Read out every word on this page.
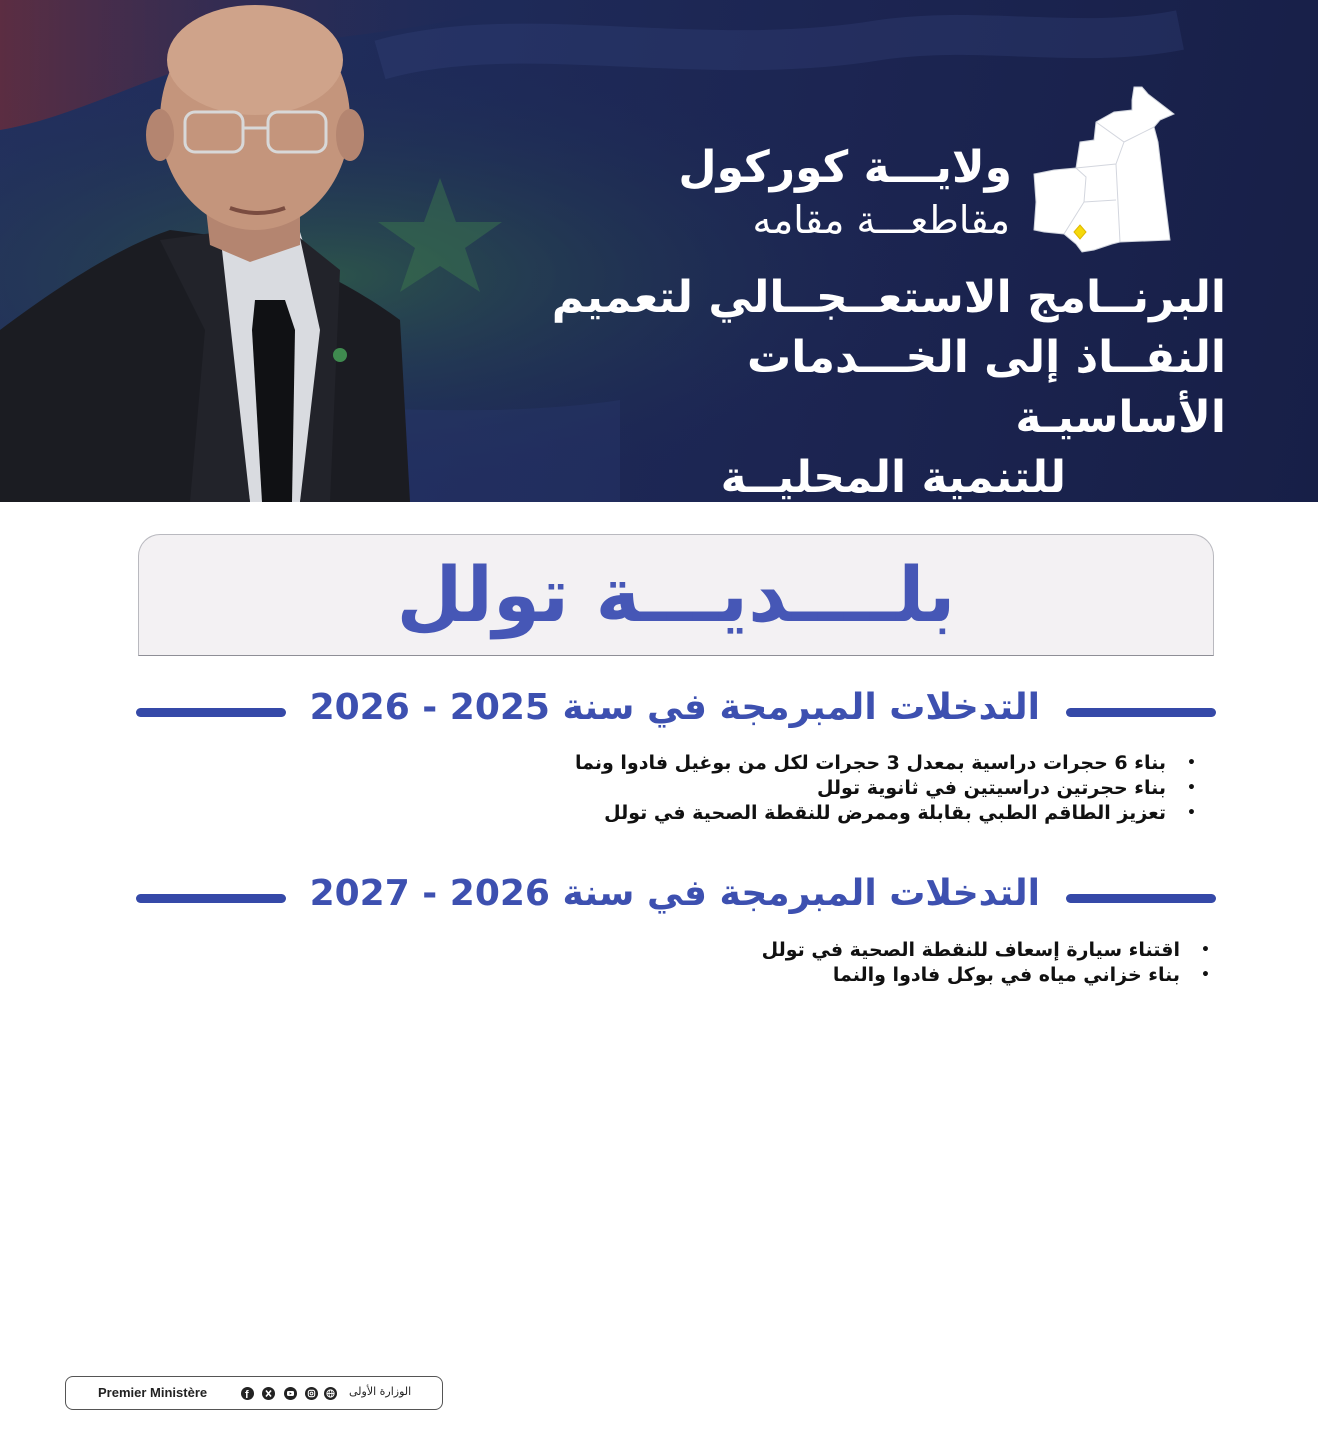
ولايـــة كوركول
مقاطعـــة مقامه
البرنــامج الاستعــجــالي لتعميم
النفــاذ إلى الخـــدمات الأساسيـة

للتنمية المحليــة
بلــــديـــة تولل
التدخلات المبرمجة في سنة 2025 - 2026
• بناء 6 حجرات دراسية بمعدل 3 حجرات لكل من بوغيل فادوا ونما
• بناء حجرتين دراسيتين في ثانوية تولل
• تعزيز الطاقم الطبي بقابلة وممرض للنقطة الصحية في تولل
التدخلات المبرمجة في سنة 2026 - 2027
• اقتناء سيارة إسعاف للنقطة الصحية في تولل
• بناء خزاني مياه في بوكل فادوا والنما
Premier Ministère	f	الوزارة الأولى
